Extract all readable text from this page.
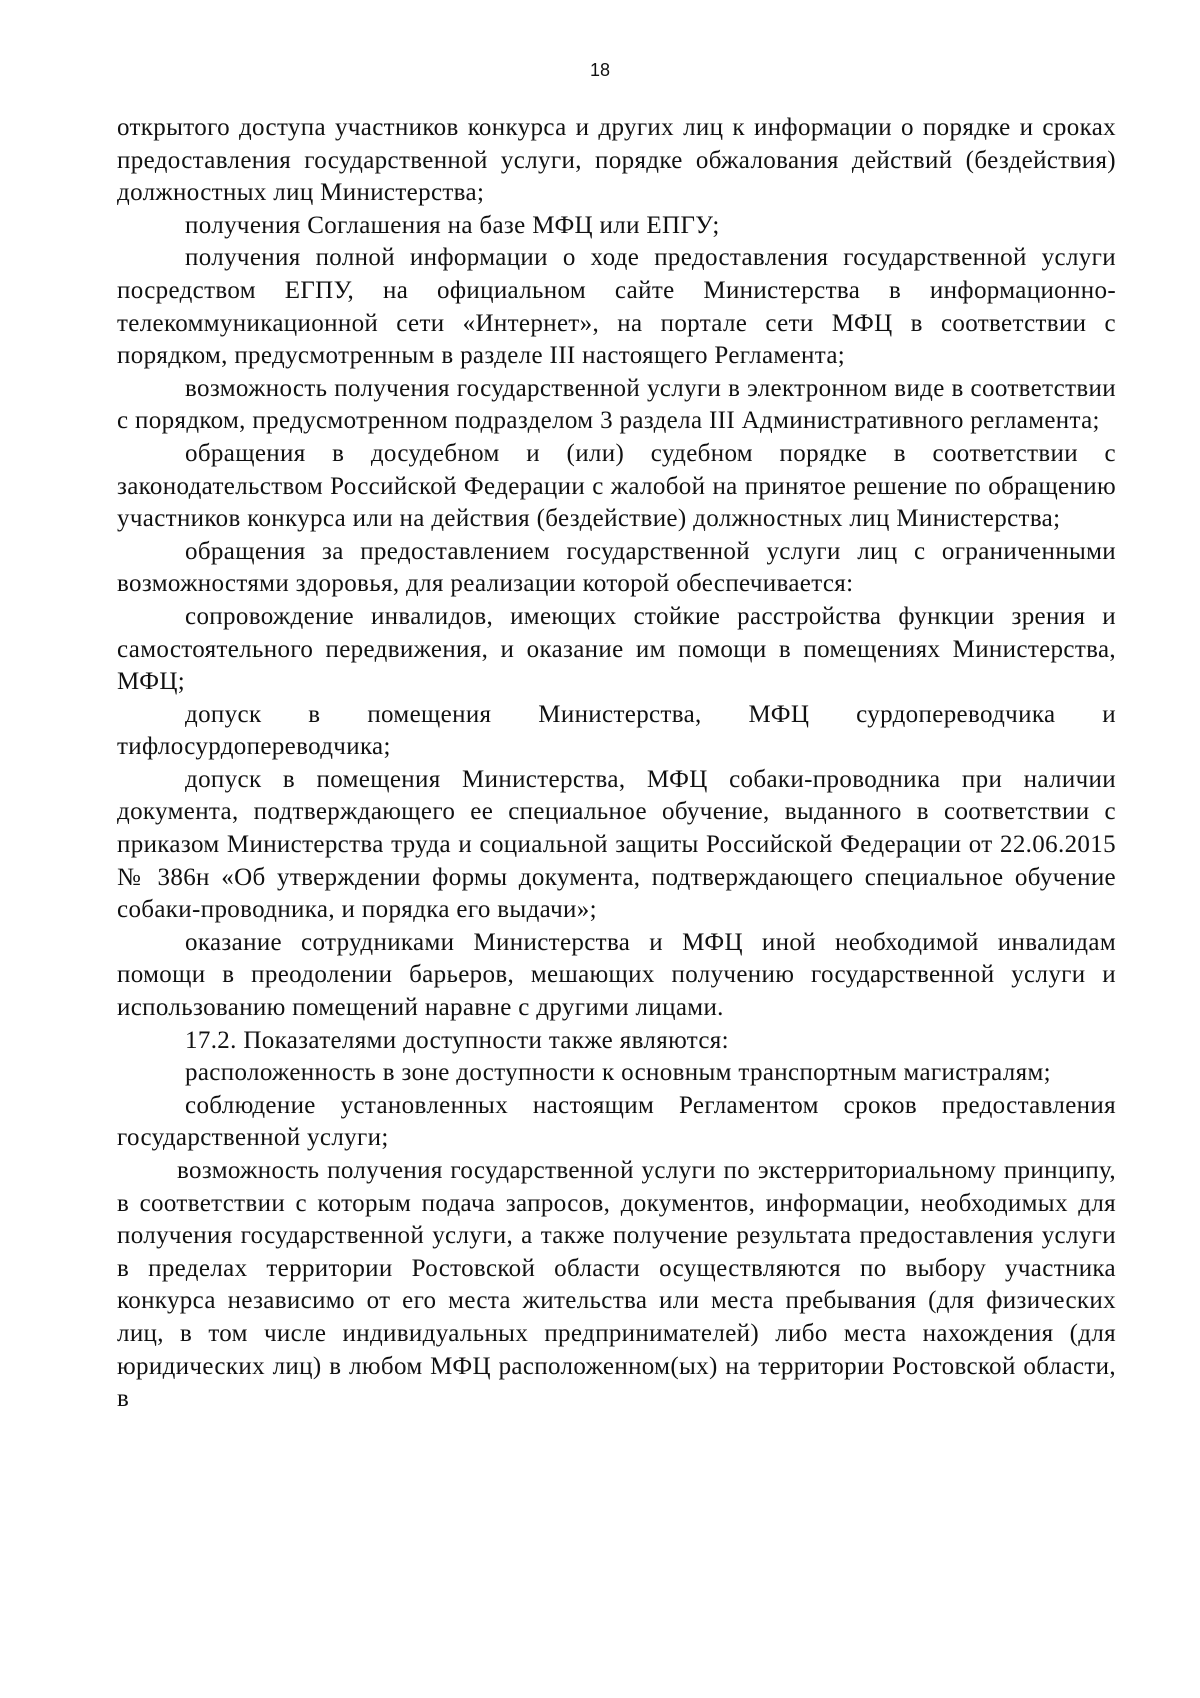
18

открытого доступа участников конкурса и других лиц к информации о порядке и сроках предоставления государственной услуги, порядке обжалования действий (бездействия) должностных лиц Министерства;

получения Соглашения на базе МФЦ или ЕПГУ;

получения полной информации о ходе предоставления государственной услуги посредством ЕГПУ, на официальном сайте Министерства в информационно-телекоммуникационной сети «Интернет», на портале сети МФЦ в соответствии с порядком, предусмотренным в разделе III настоящего Регламента;

возможность получения государственной услуги в электронном виде в соответствии с порядком, предусмотренном подразделом 3 раздела III Административного регламента;

обращения в досудебном и (или) судебном порядке в соответствии с законодательством Российской Федерации с жалобой на принятое решение по обращению участников конкурса или на действия (бездействие) должностных лиц Министерства;

обращения за предоставлением государственной услуги лиц с ограниченными возможностями здоровья, для реализации которой обеспечивается:

сопровождение инвалидов, имеющих стойкие расстройства функции зрения и самостоятельного передвижения, и оказание им помощи в помещениях Министерства, МФЦ;

допуск в помещения Министерства, МФЦ сурдопереводчика и тифлосурдопереводчика;

допуск в помещения Министерства, МФЦ собаки-проводника при наличии документа, подтверждающего ее специальное обучение, выданного в соответствии с приказом Министерства труда и социальной защиты Российской Федерации от 22.06.2015 № 386н «Об утверждении формы документа, подтверждающего специальное обучение собаки-проводника, и порядка его выдачи»;

оказание сотрудниками Министерства и МФЦ иной необходимой инвалидам помощи в преодолении барьеров, мешающих получению государственной услуги и использованию помещений наравне с другими лицами.

17.2. Показателями доступности также являются:

расположенность в зоне доступности к основным транспортным магистралям;

соблюдение установленных настоящим Регламентом сроков предоставления государственной услуги;

возможность получения государственной услуги по экстерриториальному принципу, в соответствии с которым подача запросов, документов, информации, необходимых для получения государственной услуги, а также получение результата предоставления услуги в пределах территории Ростовской области осуществляются по выбору участника конкурса независимо от его места жительства или места пребывания (для физических лиц, в том числе индивидуальных предпринимателей) либо места нахождения (для юридических лиц) в любом МФЦ расположенном(ых) на территории Ростовской области, в
